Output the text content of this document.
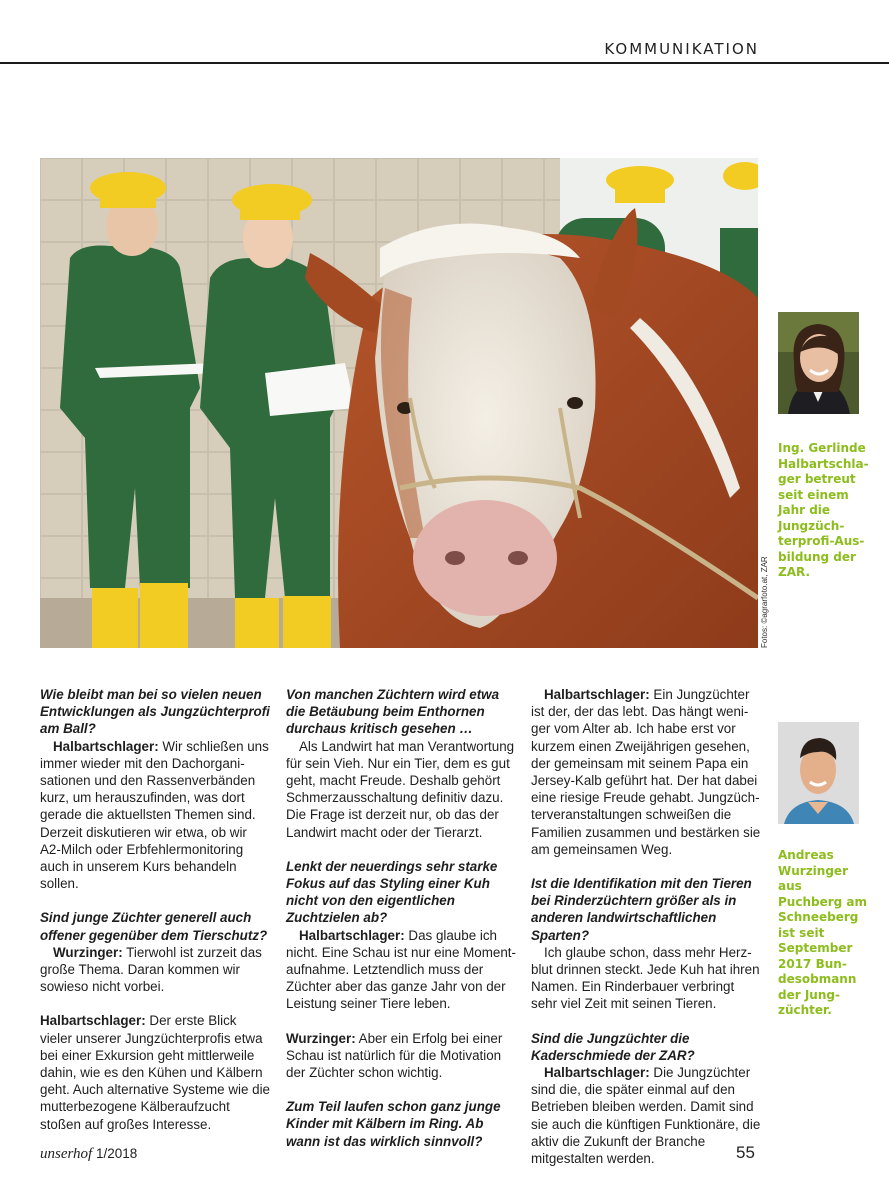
KOMMUNIKATION
Fotos: ©agrarfoto.at, ZAR
Ing. Gerlinde Halbartschlager betreut seit einem Jahr die Jungzüchterprofi-Ausbildung der ZAR.
Andreas Wurzinger aus Puchberg am Schneeberg ist seit September 2017 Bundesobmann der Jungzüchter.

Wie bleibt man bei so vielen neuen Entwicklungen als Jungzüchterprofi am Ball?

Halbartschlager: Wir schließen uns immer wieder mit den Dachorganisationen und den Rassenverbänden kurz, um herauszufinden, was dort gerade die aktuellsten Themen sind. Derzeit diskutieren wir etwa, ob wir A2-Milch oder Erbfehlermonitoring auch in unserem Kurs behandeln sollen.

Sind junge Züchter generell auch offener gegenüber dem Tierschutz?

Wurzinger: Tierwohl ist zurzeit das große Thema. Daran kommen wir sowieso nicht vorbei.

Halbartschlager: Der erste Blick vieler unserer Jungzüchterprofis etwa bei einer Exkursion geht mittlerweile dahin, wie es den Kühen und Kälbern geht. Auch alternative Systeme wie die mutterbezogene Kälberaufzucht stoßen auf großes Interesse.

Von manchen Züchtern wird etwa die Betäubung beim Enthornen durchaus kritisch gesehen …

Als Landwirt hat man Verantwortung für sein Vieh. Nur ein Tier, dem es gut geht, macht Freude. Deshalb gehört Schmerzausschaltung definitiv dazu. Die Frage ist derzeit nur, ob das der Landwirt macht oder der Tierarzt.

Lenkt der neuerdings sehr starke Fokus auf das Styling einer Kuh nicht von den eigentlichen Zuchtzielen ab?

Halbartschlager: Das glaube ich nicht. Eine Schau ist nur eine Momentaufnahme. Letztendlich muss der Züchter aber das ganze Jahr von der Leistung seiner Tiere leben.

Wurzinger: Aber ein Erfolg bei einer Schau ist natürlich für die Motivation der Züchter schon wichtig.

Zum Teil laufen schon ganz junge Kinder mit Kälbern im Ring. Ab wann ist das wirklich sinnvoll?

Halbartschlager: Ein Jungzüchter ist der, der das lebt. Das hängt weniger vom Alter ab. Ich habe erst vor kurzem einen Zweijährigen gesehen, der gemeinsam mit seinem Papa ein Jersey-Kalb geführt hat. Der hat dabei eine riesige Freude gehabt. Jungzüchterveranstaltungen schweißen die Familien zusammen und bestärken sie am gemeinsamen Weg.

Ist die Identifikation mit den Tieren bei Rinderzüchtern größer als in anderen landwirtschaftlichen Sparten?

Ich glaube schon, dass mehr Herzblut drinnen steckt. Jede Kuh hat ihren Namen. Ein Rinderbauer verbringt sehr viel Zeit mit seinen Tieren.

Sind die Jungzüchter die Kaderschmiede der ZAR?

Halbartschlager: Die Jungzüchter sind die, die später einmal auf den Betrieben bleiben werden. Damit sind sie auch die künftigen Funktionäre, die aktiv die Zukunft der Branche mitgestalten werden.

unserhof 1/2018	55
